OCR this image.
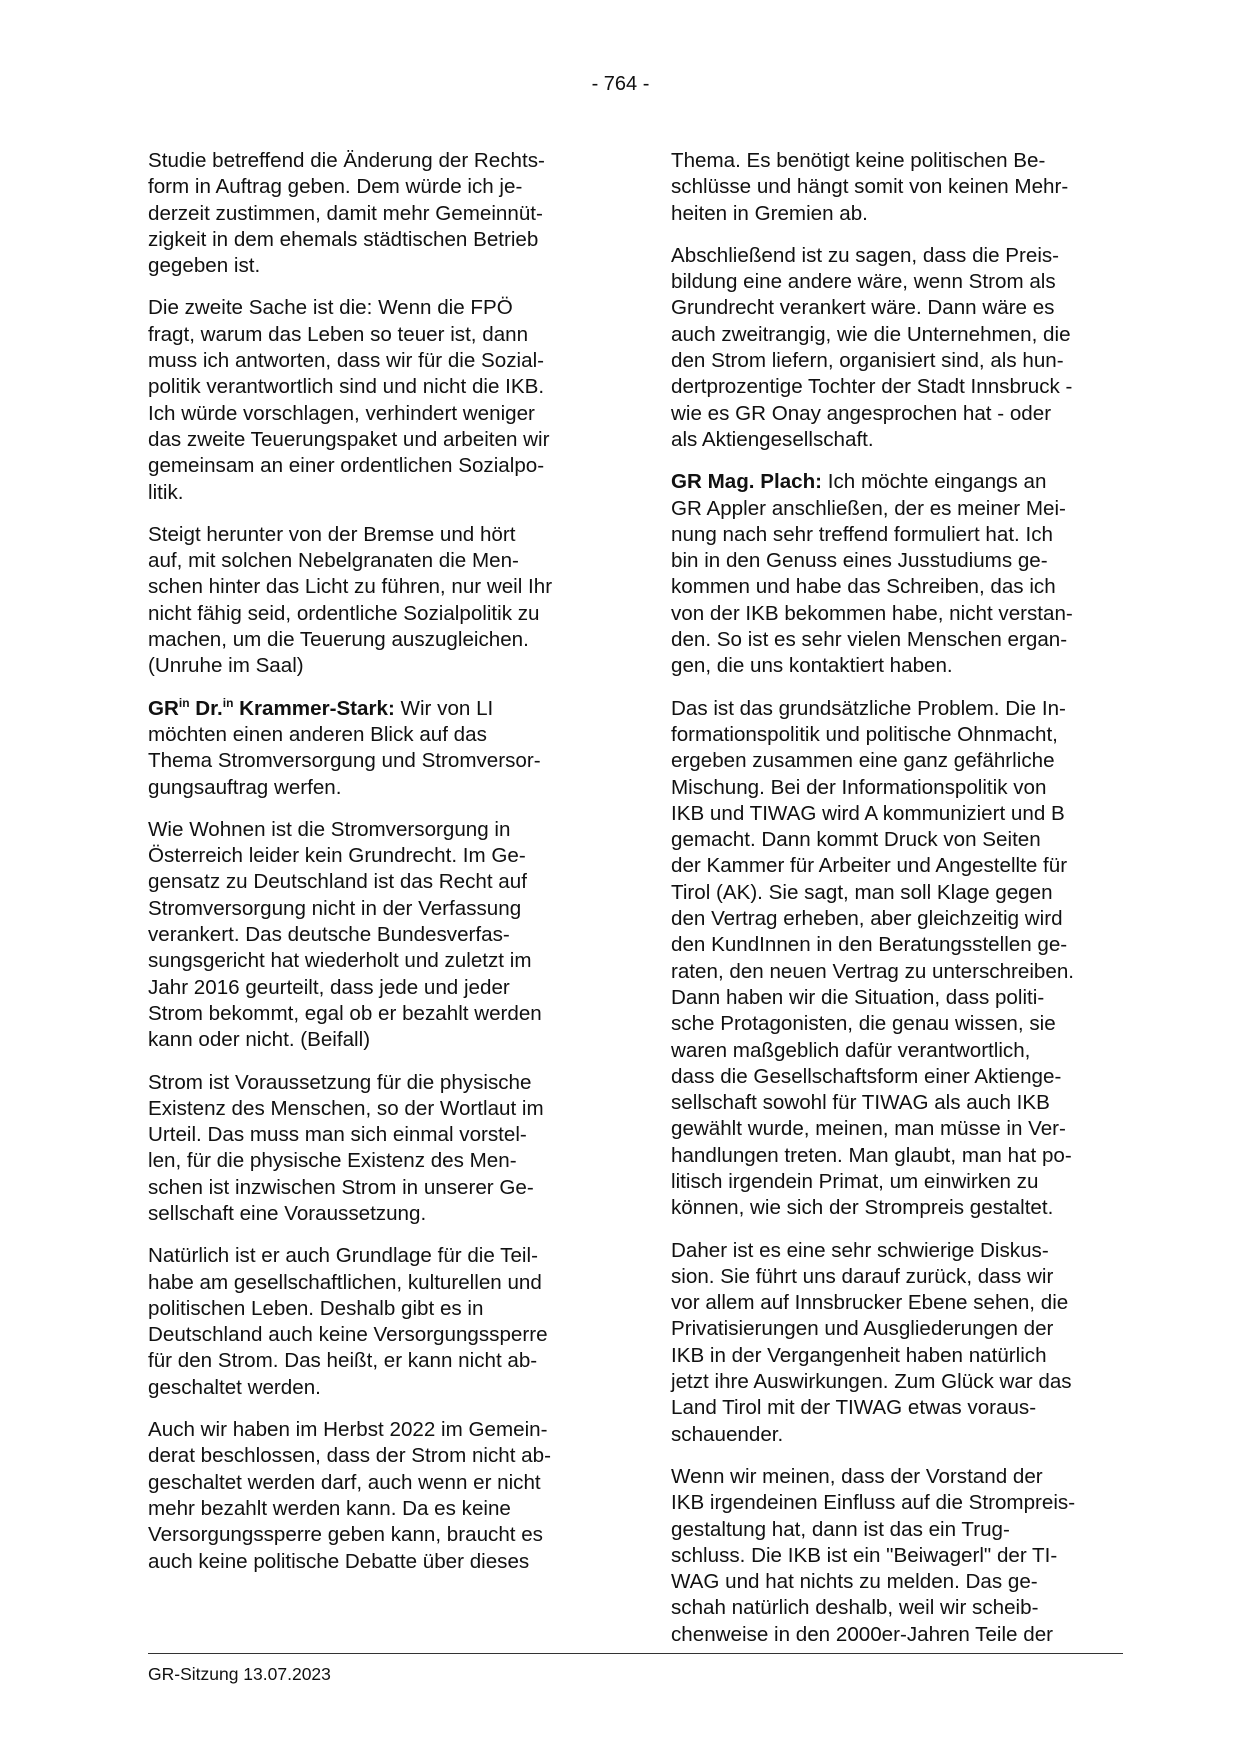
- 764 -

Studie betreffend die Änderung der Rechts-
form in Auftrag geben. Dem würde ich je-
derzeit zustimmen, damit mehr Gemeinnüt-
zigkeit in dem ehemals städtischen Betrieb
gegeben ist.

Die zweite Sache ist die: Wenn die FPÖ
fragt, warum das Leben so teuer ist, dann
muss ich antworten, dass wir für die Sozial-
politik verantwortlich sind und nicht die IKB.
Ich würde vorschlagen, verhindert weniger
das zweite Teuerungspaket und arbeiten wir
gemeinsam an einer ordentlichen Sozialpo-
litik.

Steigt herunter von der Bremse und hört
auf, mit solchen Nebelgranaten die Men-
schen hinter das Licht zu führen, nur weil Ihr
nicht fähig seid, ordentliche Sozialpolitik zu
machen, um die Teuerung auszugleichen.
(Unruhe im Saal)

$GR^{in}$ Dr.$^{in}$ Krammer-Stark: Wir von LI
möchten einen anderen Blick auf das
Thema Stromversorgung und Stromversor-
gungsauftrag werfen.

Wie Wohnen ist die Stromversorgung in
Österreich leider kein Grundrecht. Im Ge-
gensatz zu Deutschland ist das Recht auf
Stromversorgung nicht in der Verfassung
verankert. Das deutsche Bundesverfas-
sungsgericht hat wiederholt und zuletzt im
Jahr 2016 geurteilt, dass jede und jeder
Strom bekommt, egal ob er bezahlt werden
kann oder nicht. (Beifall)

Strom ist Voraussetzung für die physische
Existenz des Menschen, so der Wortlaut im
Urteil. Das muss man sich einmal vorstel-
len, für die physische Existenz des Men-
schen ist inzwischen Strom in unserer Ge-
sellschaft eine Voraussetzung.

Natürlich ist er auch Grundlage für die Teil-
habe am gesellschaftlichen, kulturellen und
politischen Leben. Deshalb gibt es in
Deutschland auch keine Versorgungssperre
für den Strom. Das heißt, er kann nicht ab-
geschaltet werden.

Auch wir haben im Herbst 2022 im Gemein-
derat beschlossen, dass der Strom nicht ab-
geschaltet werden darf, auch wenn er nicht
mehr bezahlt werden kann. Da es keine
Versorgungssperre geben kann, braucht es
auch keine politische Debatte über dieses

Thema. Es benötigt keine politischen Be-
schlüsse und hängt somit von keinen Mehr-
heiten in Gremien ab.

Abschließend ist zu sagen, dass die Preis-
bildung eine andere wäre, wenn Strom als
Grundrecht verankert wäre. Dann wäre es
auch zweitrangig, wie die Unternehmen, die
den Strom liefern, organisiert sind, als hun-
dertprozentige Tochter der Stadt Innsbruck -
wie es GR Onay angesprochen hat - oder
als Aktiengesellschaft.

GR Mag. Plach: Ich möchte eingangs an
GR Appler anschließen, der es meiner Mei-
nung nach sehr treffend formuliert hat. Ich
bin in den Genuss eines Jusstudiums ge-
kommen und habe das Schreiben, das ich
von der IKB bekommen habe, nicht verstan-
den. So ist es sehr vielen Menschen ergan-
gen, die uns kontaktiert haben.

Das ist das grundsätzliche Problem. Die In-
formationspolitik und politische Ohnmacht,
ergeben zusammen eine ganz gefährliche
Mischung. Bei der Informationspolitik von
IKB und TIWAG wird A kommuniziert und B
gemacht. Dann kommt Druck von Seiten
der Kammer für Arbeiter und Angestellte für
Tirol (AK). Sie sagt, man soll Klage gegen
den Vertrag erheben, aber gleichzeitig wird
den KundInnen in den Beratungsstellen ge-
raten, den neuen Vertrag zu unterschreiben.
Dann haben wir die Situation, dass politi-
sche Protagonisten, die genau wissen, sie
waren maßgeblich dafür verantwortlich,
dass die Gesellschaftsform einer Aktienge-
sellschaft sowohl für TIWAG als auch IKB
gewählt wurde, meinen, man müsse in Ver-
handlungen treten. Man glaubt, man hat po-
litisch irgendein Primat, um einwirken zu
können, wie sich der Strompreis gestaltet.

Daher ist es eine sehr schwierige Diskus-
sion. Sie führt uns darauf zurück, dass wir
vor allem auf Innsbrucker Ebene sehen, die
Privatisierungen und Ausgliederungen der
IKB in der Vergangenheit haben natürlich
jetzt ihre Auswirkungen. Zum Glück war das
Land Tirol mit der TIWAG etwas voraus-
schauender.

Wenn wir meinen, dass der Vorstand der
IKB irgendeinen Einfluss auf die Strompreis-
gestaltung hat, dann ist das ein Trug-
schluss. Die IKB ist ein "Beiwagerl" der TI-
WAG und hat nichts zu melden. Das ge-
schah natürlich deshalb, weil wir scheib-
chenweise in den 2000er-Jahren Teile der

GR-Sitzung 13.07.2023
